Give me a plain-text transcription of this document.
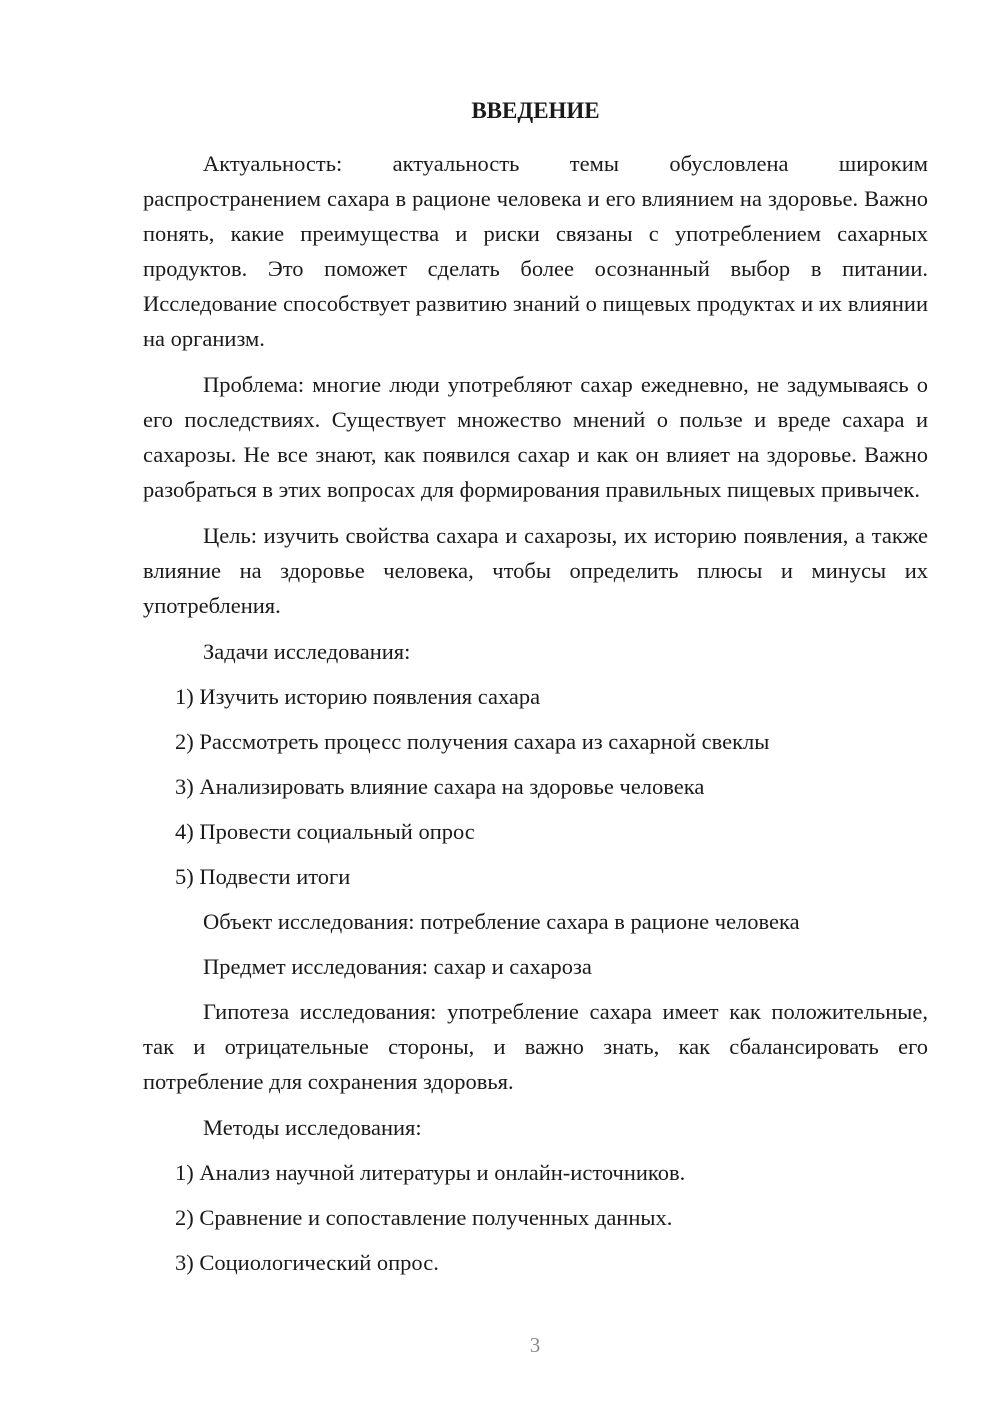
ВВЕДЕНИЕ

Актуальность: актуальность темы обусловлена широким распространением сахара в рационе человека и его влиянием на здоровье. Важно понять, какие преимущества и риски связаны с употреблением сахарных продуктов. Это поможет сделать более осознанный выбор в питании. Исследование способствует развитию знаний о пищевых продуктах и их влиянии на организм.

Проблема: многие люди употребляют сахар ежедневно, не задумываясь о его последствиях. Существует множество мнений о пользе и вреде сахара и сахарозы. Не все знают, как появился сахар и как он влияет на здоровье. Важно разобраться в этих вопросах для формирования правильных пищевых привычек.

Цель: изучить свойства сахара и сахарозы, их историю появления, а также влияние на здоровье человека, чтобы определить плюсы и минусы их употребления.

Задачи исследования:
1) Изучить историю появления сахара
2) Рассмотреть процесс получения сахара из сахарной свеклы
3) Анализировать влияние сахара на здоровье человека
4) Провести социальный опрос
5) Подвести итоги
Объект исследования: потребление сахара в рационе человека
Предмет исследования: сахар и сахароза

Гипотеза исследования: употребление сахара имеет как положительные, так и отрицательные стороны, и важно знать, как сбалансировать его потребление для сохранения здоровья.

Методы исследования:
1) Анализ научной литературы и онлайн-источников.
2) Сравнение и сопоставление полученных данных.
3) Социологический опрос.
3
